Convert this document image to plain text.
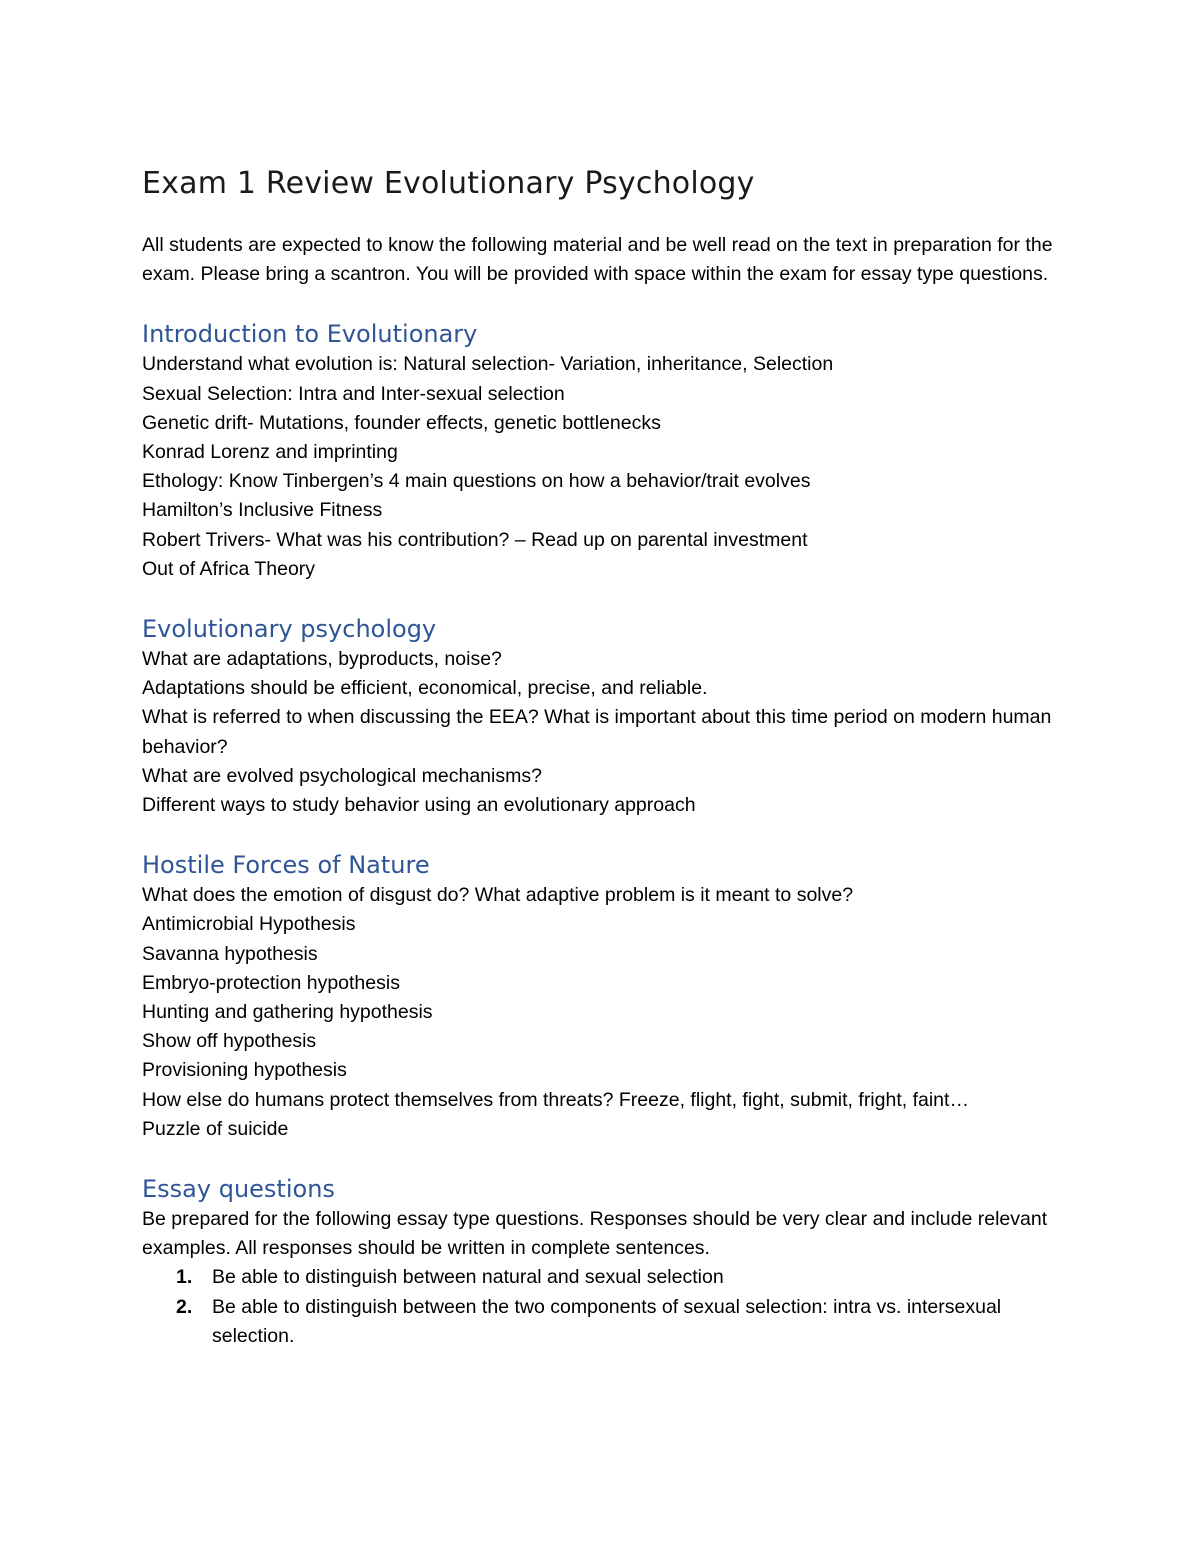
Exam 1 Review Evolutionary Psychology

All students are expected to know the following material and be well read on the text in preparation for the exam. Please bring a scantron. You will be provided with space within the exam for essay type questions.

Introduction to Evolutionary
Understand what evolution is: Natural selection- Variation, inheritance, Selection
Sexual Selection: Intra and Inter-sexual selection
Genetic drift- Mutations, founder effects, genetic bottlenecks
Konrad Lorenz and imprinting
Ethology: Know Tinbergen’s 4 main questions on how a behavior/trait evolves
Hamilton’s Inclusive Fitness
Robert Trivers- What was his contribution? – Read up on parental investment
Out of Africa Theory
Evolutionary psychology
What are adaptations, byproducts, noise?
Adaptations should be efficient, economical, precise, and reliable.
What is referred to when discussing the EEA? What is important about this time period on modern human behavior?
What are evolved psychological mechanisms?
Different ways to study behavior using an evolutionary approach
Hostile Forces of Nature
What does the emotion of disgust do? What adaptive problem is it meant to solve?
Antimicrobial Hypothesis
Savanna hypothesis
Embryo-protection hypothesis
Hunting and gathering hypothesis
Show off hypothesis
Provisioning hypothesis
How else do humans protect themselves from threats? Freeze, flight, fight, submit, fright, faint…
Puzzle of suicide
Essay questions

Be prepared for the following essay type questions. Responses should be very clear and include relevant examples. All responses should be written in complete sentences.

1. Be able to distinguish between natural and sexual selection
2. Be able to distinguish between the two components of sexual selection: intra vs. intersexual selection.
